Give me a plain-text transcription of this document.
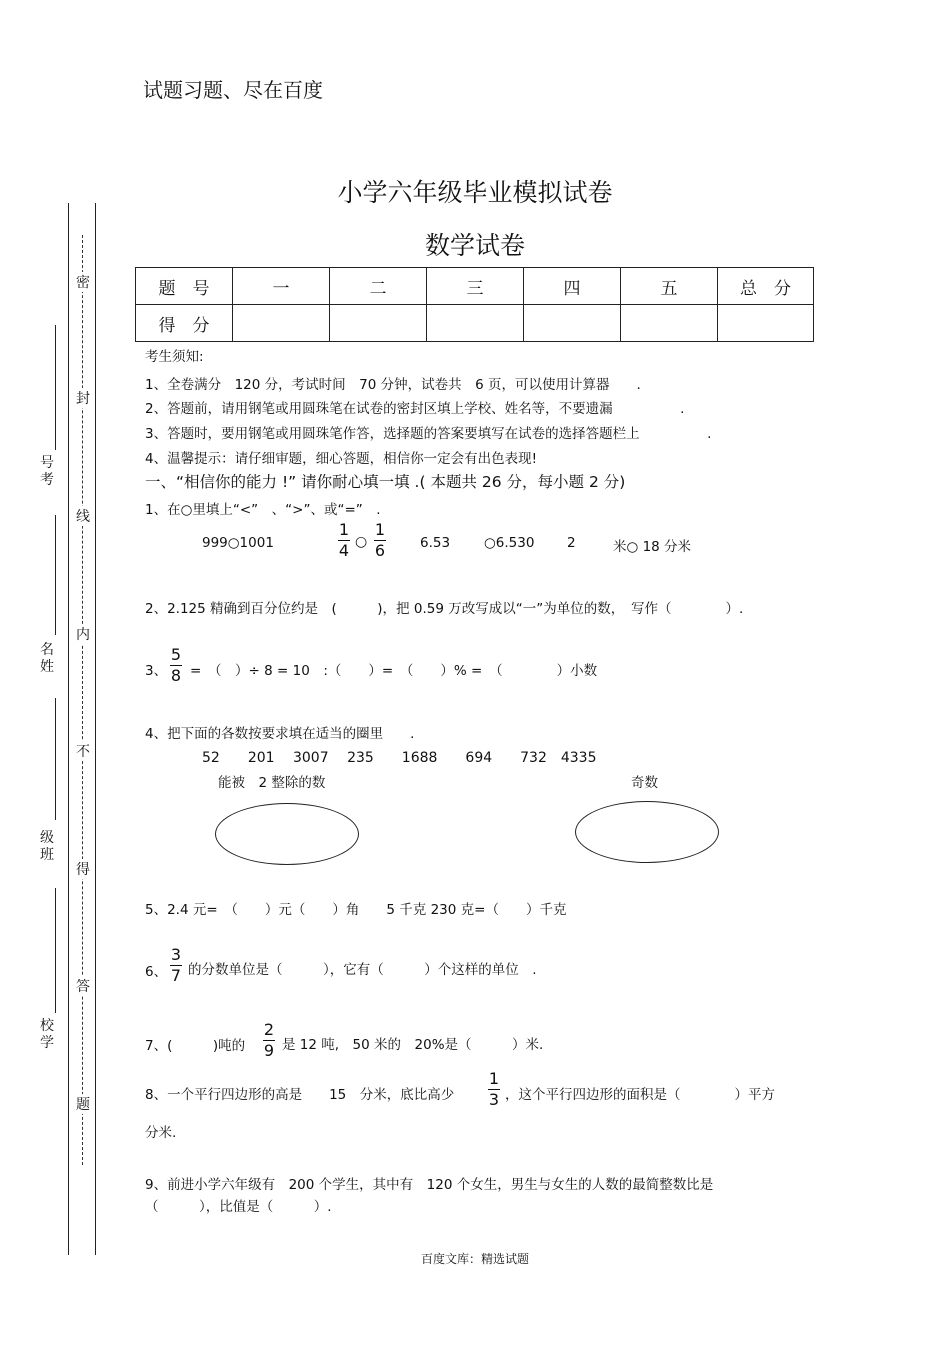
试题习题、尽在百度
密
封
线
内
不
得
答
题
号考
名姓
级班
校学
小学六年级毕业模拟试卷
数学试卷
题　号	一	二	三	四	五	总　分
得　分						
考生须知:
1、全卷满分　120 分，考试时间　70 分钟，试卷共　6 页，可以使用计算器　　.
2、答题前，请用钢笔或用圆珠笔在试卷的密封区填上学校、姓名等，不要遗漏　　　　　.
3、答题时，要用钢笔或用圆珠笔作答，选择题的答案要填写在试卷的选择答题栏上　　　　　.
4、温馨提示：请仔细审题，细心答题，相信你一定会有出色表现!
一、“相信你的能力 !” 请你耐心填一填 .( 本题共 26 分，每小题 2 分)
1、在○里填上“<”　、“>”、或“=”　.
999○1001
1
4 ○
1
6	6.53	○6.530 2	米○ 18 分米
2、2.125 精确到百分位约是　(　　　)，把 0.59 万改写成以“一”为单位的数，　写作（　　　　）.
3、
5
8 =　（　）÷ 8 = 10　:（　　）=　（　　）% =　（　　　　）小数
4、把下面的各数按要求填在适当的圈里　　.
52　　201　 3007　 235　　1688　　694　　732　4335
能被　2 整除的数	奇数
5、2.4 元=　（　　）元（　　）角　　5 千克 230 克=（　　）千克
6、
3
7 的分数单位是（　　　），它有（　　　）个这样的单位　.
7、(　　　)吨的
2
9 是 12 吨,　50 米的　20%是（　　　）米.
8、一个平行四边形的高是　　15　分米，底比高少
1
3 ，这个平行四边形的面积是（　　　　）平方
分米.
9、前进小学六年级有　200 个学生，其中有　120 个女生，男生与女生的人数的最简整数比是
（　　　），比值是（　　　）.
百度文库：精选试题
